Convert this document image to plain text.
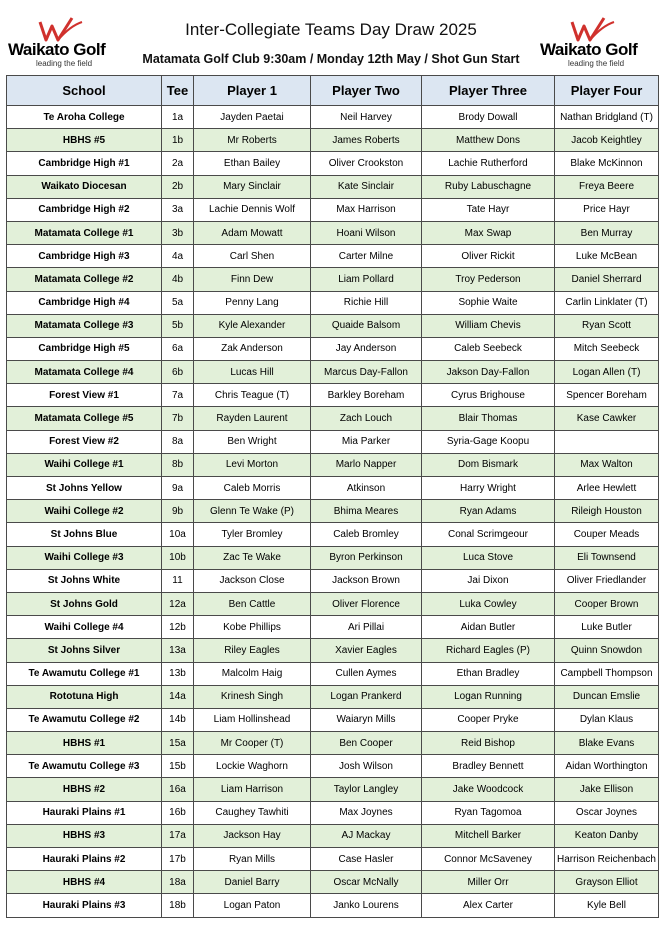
Waikato Golf
leading the field
Inter-Collegiate Teams Day Draw 2025
Matamata Golf Club 9:30am / Monday 12th May / Shot Gun Start	Waikato Golf
leading the field
School	Tee	Player 1	Player Two	Player Three	Player Four
Te Aroha College	1a	Jayden Paetai	Neil Harvey	Brody Dowall	Nathan Bridgland (T)
HBHS #5	1b	Mr Roberts	James Roberts	Matthew Dons	Jacob Keightley
Cambridge High #1	2a	Ethan Bailey	Oliver Crookston	Lachie Rutherford	Blake McKinnon
Waikato Diocesan	2b	Mary Sinclair	Kate Sinclair	Ruby Labuschagne	Freya Beere
Cambridge High #2	3a	Lachie Dennis Wolf	Max Harrison	Tate Hayr	Price Hayr
Matamata College #1	3b	Adam Mowatt	Hoani Wilson	Max Swap	Ben Murray
Cambridge High #3	4a	Carl Shen	Carter Milne	Oliver Rickit	Luke McBean
Matamata College #2	4b	Finn Dew	Liam Pollard	Troy Pederson	Daniel Sherrard
Cambridge High #4	5a	Penny Lang	Richie Hill	Sophie Waite	Carlin Linklater (T)
Matamata College #3	5b	Kyle Alexander	Quaide Balsom	William Chevis	Ryan Scott
Cambridge High #5	6a	Zak Anderson	Jay Anderson	Caleb Seebeck	Mitch Seebeck
Matamata College #4	6b	Lucas Hill	Marcus Day-Fallon	Jakson Day-Fallon	Logan Allen (T)
Forest View #1	7a	Chris Teague (T)	Barkley Boreham	Cyrus Brighouse	Spencer Boreham
Matamata College #5	7b	Rayden Laurent	Zach Louch	Blair Thomas	Kase Cawker
Forest View #2	8a	Ben Wright	Mia Parker	Syria-Gage Koopu	
Waihi College #1	8b	Levi Morton	Marlo Napper	Dom Bismark	Max Walton
St Johns Yellow	9a	Caleb Morris	Atkinson	Harry Wright	Arlee Hewlett
Waihi College #2	9b	Glenn Te Wake (P)	Bhima Meares	Ryan Adams	Rileigh Houston
St Johns Blue	10a	Tyler Bromley	Caleb Bromley	Conal Scrimgeour	Couper Meads
Waihi College #3	10b	Zac Te Wake	Byron Perkinson	Luca Stove	Eli Townsend
St Johns White	11	Jackson Close	Jackson Brown	Jai Dixon	Oliver Friedlander
St Johns Gold	12a	Ben Cattle	Oliver Florence	Luka Cowley	Cooper Brown
Waihi College #4	12b	Kobe Phillips	Ari Pillai	Aidan Butler	Luke Butler
St Johns Silver	13a	Riley Eagles	Xavier Eagles	Richard Eagles (P)	Quinn Snowdon
Te Awamutu College #1	13b	Malcolm Haig	Cullen Aymes	Ethan Bradley	Campbell Thompson
Rototuna High	14a	Krinesh Singh	Logan Prankerd	Logan Running	Duncan Emslie
Te Awamutu College #2	14b	Liam Hollinshead	Waiaryn Mills	Cooper Pryke	Dylan Klaus
HBHS #1	15a	Mr Cooper (T)	Ben Cooper	Reid Bishop	Blake Evans
Te Awamutu College #3	15b	Lockie Waghorn	Josh Wilson	Bradley Bennett	Aidan Worthington
HBHS #2	16a	Liam Harrison	Taylor Langley	Jake Woodcock	Jake Ellison
Hauraki Plains #1	16b	Caughey Tawhiti	Max Joynes	Ryan Tagomoa	Oscar Joynes
HBHS #3	17a	Jackson Hay	AJ Mackay	Mitchell Barker	Keaton Danby
Hauraki Plains #2	17b	Ryan Mills	Case Hasler	Connor McSaveney	Harrison Reichenbach
HBHS #4	18a	Daniel Barry	Oscar McNally	Miller Orr	Grayson Elliot
Hauraki Plains #3	18b	Logan Paton	Janko Lourens	Alex Carter	Kyle Bell
